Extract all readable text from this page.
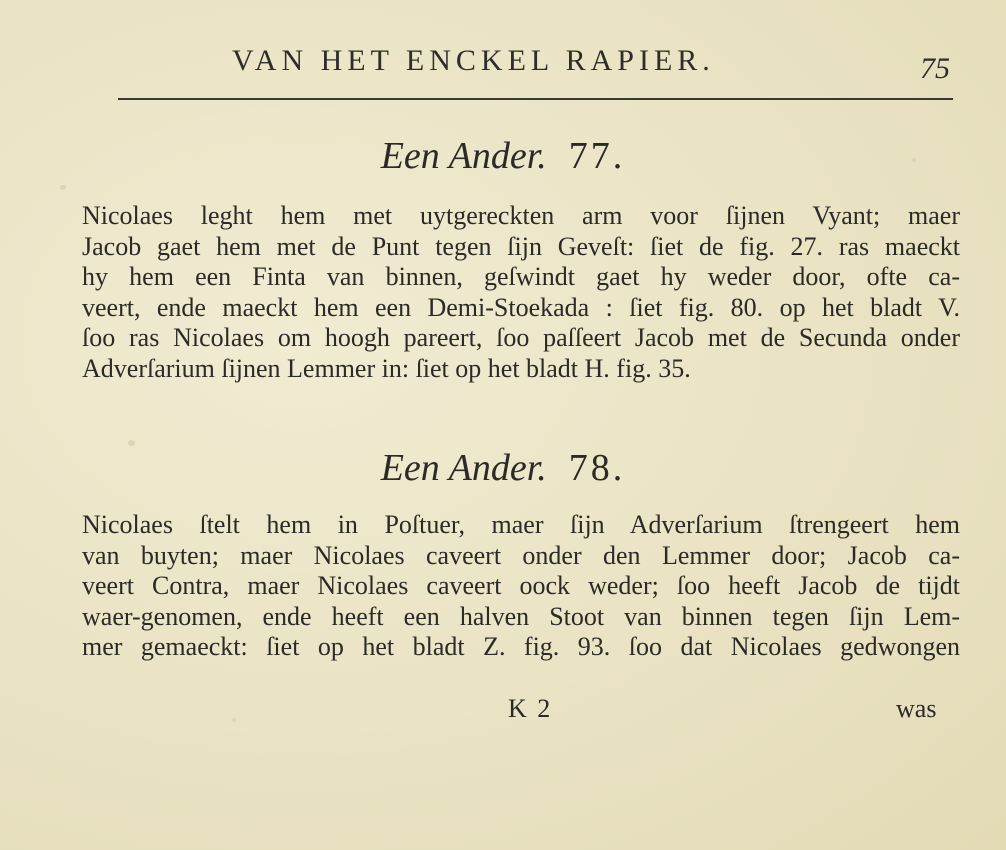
VAN HET ENCKEL RAPIER.	75
Een Ander. 77.
Nicolaes leght hem met uytgereckten arm voor ſijnen Vyant; maer
Jacob gaet hem met de Punt tegen ſijn Geveſt: ſiet de fig. 27. ras maeckt
hy hem een Finta van binnen, geſwindt gaet hy weder door, ofte ca-
veert, ende maeckt hem een Demi-Stoekada : ſiet fig. 80. op het bladt V.
ſoo ras Nicolaes om hoogh pareert, ſoo paſſeert Jacob met de Secunda onder
Adverſarium ſijnen Lemmer in: ſiet op het bladt H. fig. 35.
Een Ander. 78.
Nicolaes ſtelt hem in Poſtuer, maer ſijn Adverſarium ſtrengeert hem
van buyten; maer Nicolaes caveert onder den Lemmer door; Jacob ca-
veert Contra, maer Nicolaes caveert oock weder; ſoo heeft Jacob de tijdt
waer-genomen, ende heeft een halven Stoot van binnen tegen ſijn Lem-
mer gemaeckt: ſiet op het bladt Z. fig. 93. ſoo dat Nicolaes gedwongen
K 2	was
